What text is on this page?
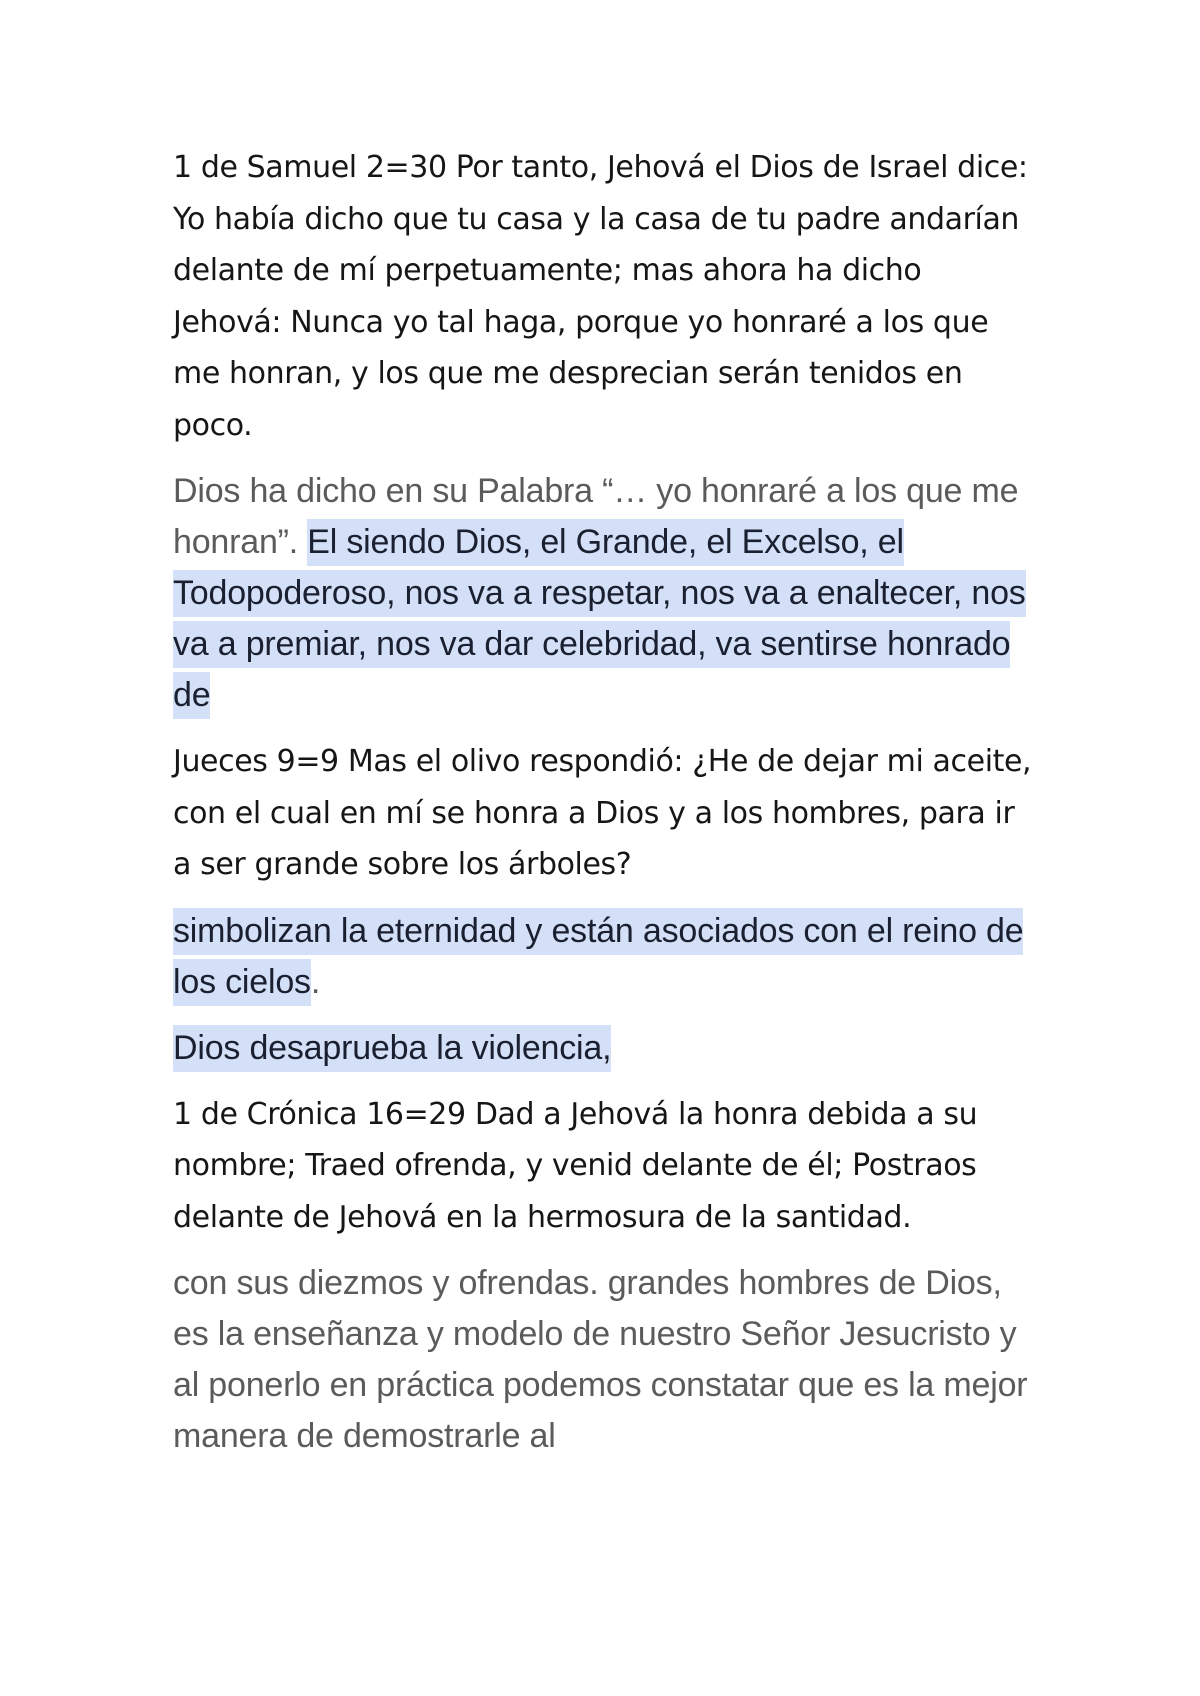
1 de Samuel 2=30 Por tanto, Jehová el Dios de Israel dice: Yo había dicho que tu casa y la casa de tu padre andarían delante de mí perpetuamente; mas ahora ha dicho Jehová: Nunca yo tal haga, porque yo honraré a los que me honran, y los que me desprecian serán tenidos en poco.

Dios ha dicho en su Palabra “… yo honraré a los que me honran”. El siendo Dios, el Grande, el Excelso, el Todopoderoso, nos va a respetar, nos va a enaltecer, nos va a premiar, nos va dar celebridad, va sentirse honrado de

Jueces 9=9 Mas el olivo respondió: ¿He de dejar mi aceite, con el cual en mí se honra a Dios y a los hombres, para ir a ser grande sobre los árboles?

simbolizan la eternidad y están asociados con el reino de los cielos.

Dios desaprueba la violencia,

1 de Crónica 16=29 Dad a Jehová la honra debida a su nombre; Traed ofrenda, y venid delante de él; Postraos delante de Jehová en la hermosura de la santidad.

con sus diezmos y ofrendas. grandes hombres de Dios, es la enseñanza y modelo de nuestro Señor Jesucristo y al ponerlo en práctica podemos constatar que es la mejor manera de demostrarle al
